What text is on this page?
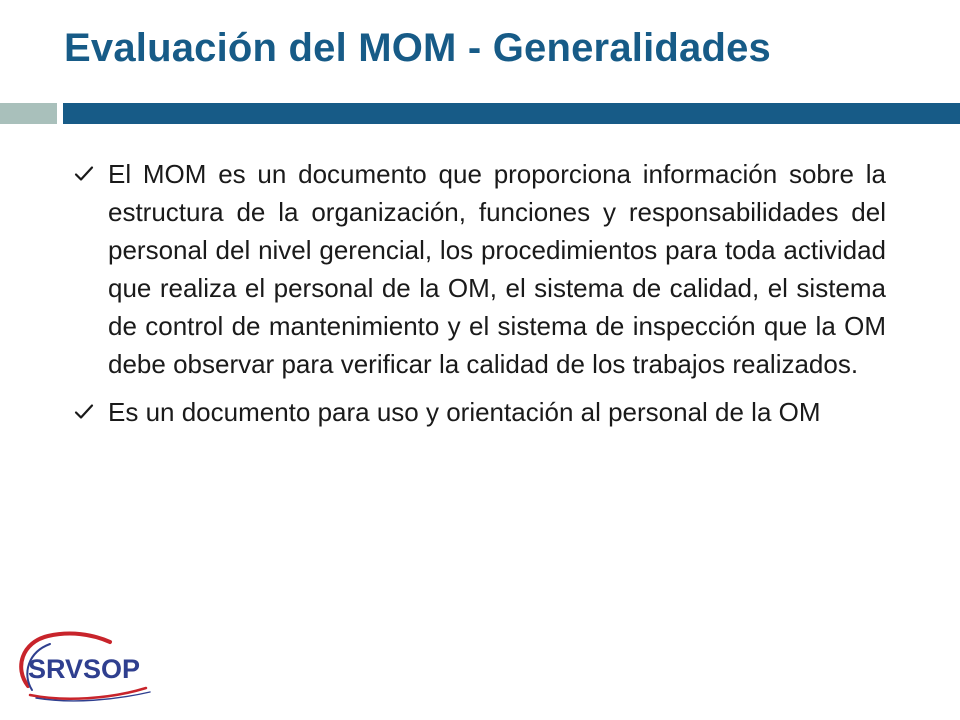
Evaluación del MOM - Generalidades
El MOM es un documento que proporciona información sobre la estructura de la organización, funciones y responsabilidades del personal del nivel gerencial, los procedimientos para toda actividad que realiza el personal de la OM, el sistema de calidad, el sistema de control de mantenimiento y el sistema de inspección que la OM debe observar para verificar la calidad de los trabajos realizados.
Es un documento para uso y orientación al personal de la OM
SRVSOP
